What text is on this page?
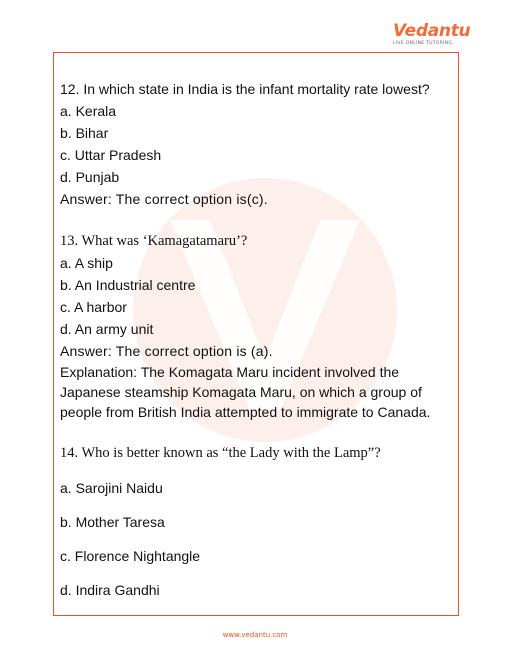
Vedantu
LIVE ONLINE TUTORING
12. In which state in India is the infant mortality rate lowest?
a. Kerala
b. Bihar
c. Uttar Pradesh
d. Punjab
Answer: The correct option is(c).
13. What was ‘Kamagatamaru’?
a. A ship
b. An Industrial centre
c. A harbor
d. An army unit
Answer: The correct option is (a).
Explanation: The Komagata Maru incident involved the
Japanese steamship Komagata Maru, on which a group of
people from British India attempted to immigrate to Canada.
14. Who is better known as “the Lady with the Lamp”?
a. Sarojini Naidu
b. Mother Taresa
c. Florence Nightangle
d. Indira Gandhi
www.vedantu.com
